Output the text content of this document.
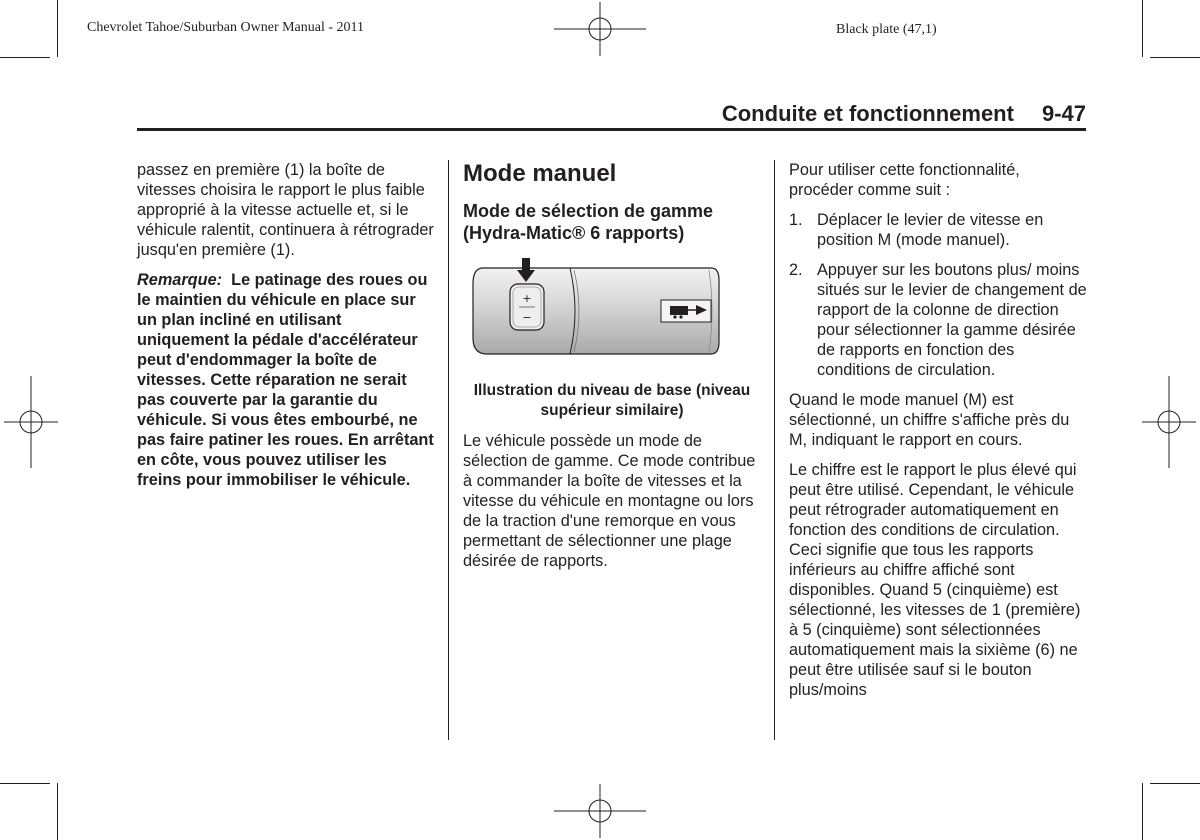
Chevrolet Tahoe/Suburban Owner Manual - 2011	Black plate (47,1)
Conduite et fonctionnement 9-47

passez en première (1) la boîte de vitesses choisira le rapport le plus faible approprié à la vitesse actuelle et, si le véhicule ralentit, continuera à rétrograder jusqu'en première (1).

Remarque: Le patinage des roues ou le maintien du véhicule en place sur un plan incliné en utilisant uniquement la pédale d'accélérateur peut d'endommager la boîte de vitesses. Cette réparation ne serait pas couverte par la garantie du véhicule. Si vous êtes embourbé, ne pas faire patiner les roues. En arrêtant en côte, vous pouvez utiliser les freins pour immobiliser le véhicule.

Mode manuel
Mode de sélection de gamme (Hydra-Matic® 6 rapports)
+
−
Illustration du niveau de base (niveau supérieur similaire)

Le véhicule possède un mode de sélection de gamme. Ce mode contribue à commander la boîte de vitesses et la vitesse du véhicule en montagne ou lors de la traction d'une remorque en vous permettant de sélectionner une plage désirée de rapports.

Pour utiliser cette fonctionnalité, procéder comme suit :

1. Déplacer le levier de vitesse en position M (mode manuel).
2. Appuyer sur les boutons plus/ moins situés sur le levier de changement de rapport de la colonne de direction pour sélectionner la gamme désirée de rapports en fonction des conditions de circulation.

Quand le mode manuel (M) est sélectionné, un chiffre s'affiche près du M, indiquant le rapport en cours.

Le chiffre est le rapport le plus élevé qui peut être utilisé. Cependant, le véhicule peut rétrograder automatiquement en fonction des conditions de circulation. Ceci signifie que tous les rapports inférieurs au chiffre affiché sont disponibles. Quand 5 (cinquième) est sélectionné, les vitesses de 1 (première) à 5 (cinquième) sont sélectionnées automatiquement mais la sixième (6) ne peut être utilisée sauf si le bouton plus/moins
